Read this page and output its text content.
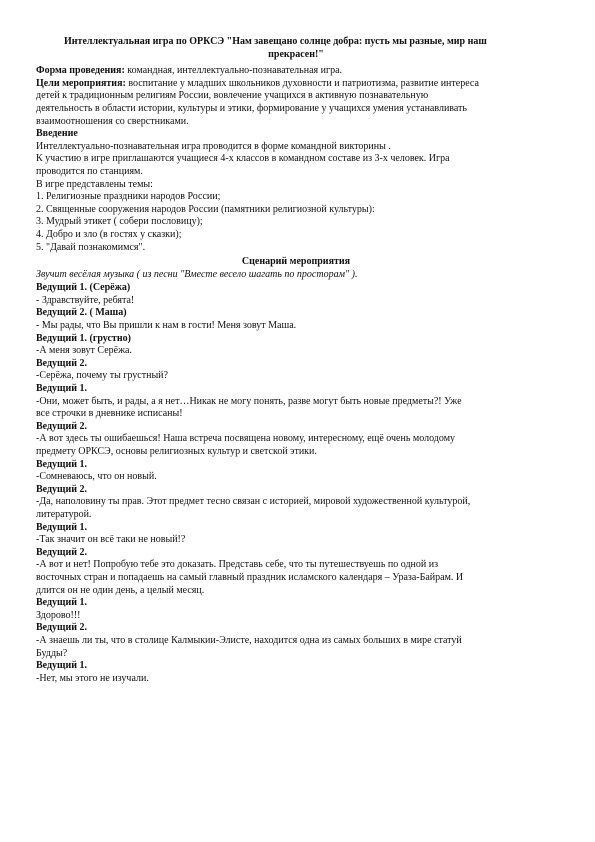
Интеллектуальная игра по ОРКСЭ "Нам завещано солнце добра: пусть мы разные, мир наш

прекрасен!"

Форма проведения: командная, интеллектуально-познавательная игра.

Цели мероприятия: воспитание у младших школьников духовности и патриотизма, развитие интереса

детей к традиционным религиям России, вовлечение учащихся в активную познавательную

деятельность в области истории, культуры и этики, формирование у учащихся умения устанавливать

взаимоотношения со сверстниками.

Введение

Интеллектуально-познавательная игра проводится в форме командной викторины .

К участию в игре приглашаются учащиеся 4-х классов в командном составе из 3-х человек. Игра

проводится по станциям.

В игре представлены темы:

1. Религиозные праздники народов России;

2. Священные сооружения народов России (памятники религиозной культуры):

3. Мудрый этикет ( собери пословицу);

4. Добро и зло (в гостях у сказки);

5. "Давай познакомимся".

Сценарий мероприятия

Звучит весёлая музыка ( из песни "Вместе весело шагать по просторам" ).

Ведущий 1. (Серёжа)

- Здравствуйте, ребята!

Ведущий 2. ( Маша)

- Мы рады, что Вы пришли к нам в гости! Меня зовут Маша.

Ведущий 1. (грустно)

-А меня зовут Серёжа.

Ведущий 2.

-Серёжа, почему ты грустный?

Ведущий 1.

-Они, может быть, и рады, а я нет…Никак не могу понять, разве могут быть новые предметы?! Уже

все строчки в дневнике исписаны!

Ведущий 2.

-А вот здесь ты ошибаешься! Наша встреча посвящена новому, интересному, ещё очень молодому

предмету ОРКСЭ, основы религиозных культур и светской этики.

Ведущий 1.

-Сомневаюсь, что он новый.

Ведущий 2.

-Да, наполовину ты прав. Этот предмет тесно связан с историей, мировой художественной культурой,

литературой.

Ведущий 1.

-Так значит он всё таки не новый!?

Ведущий 2.

-А вот и нет! Попробую тебе это доказать. Представь себе, что ты путешествуешь по одной из

восточных стран и попадаешь на самый главный праздник исламского календаря – Ураза-Байрам. И

длится он не один день, а целый месяц.

Ведущий 1.

Здорово!!!

Ведущий 2.

-А знаешь ли ты, что в столице Калмыкии-Элисте, находится одна из самых больших в мире статуй

Будды?

Ведущий 1.

-Нет, мы этого не изучали.
